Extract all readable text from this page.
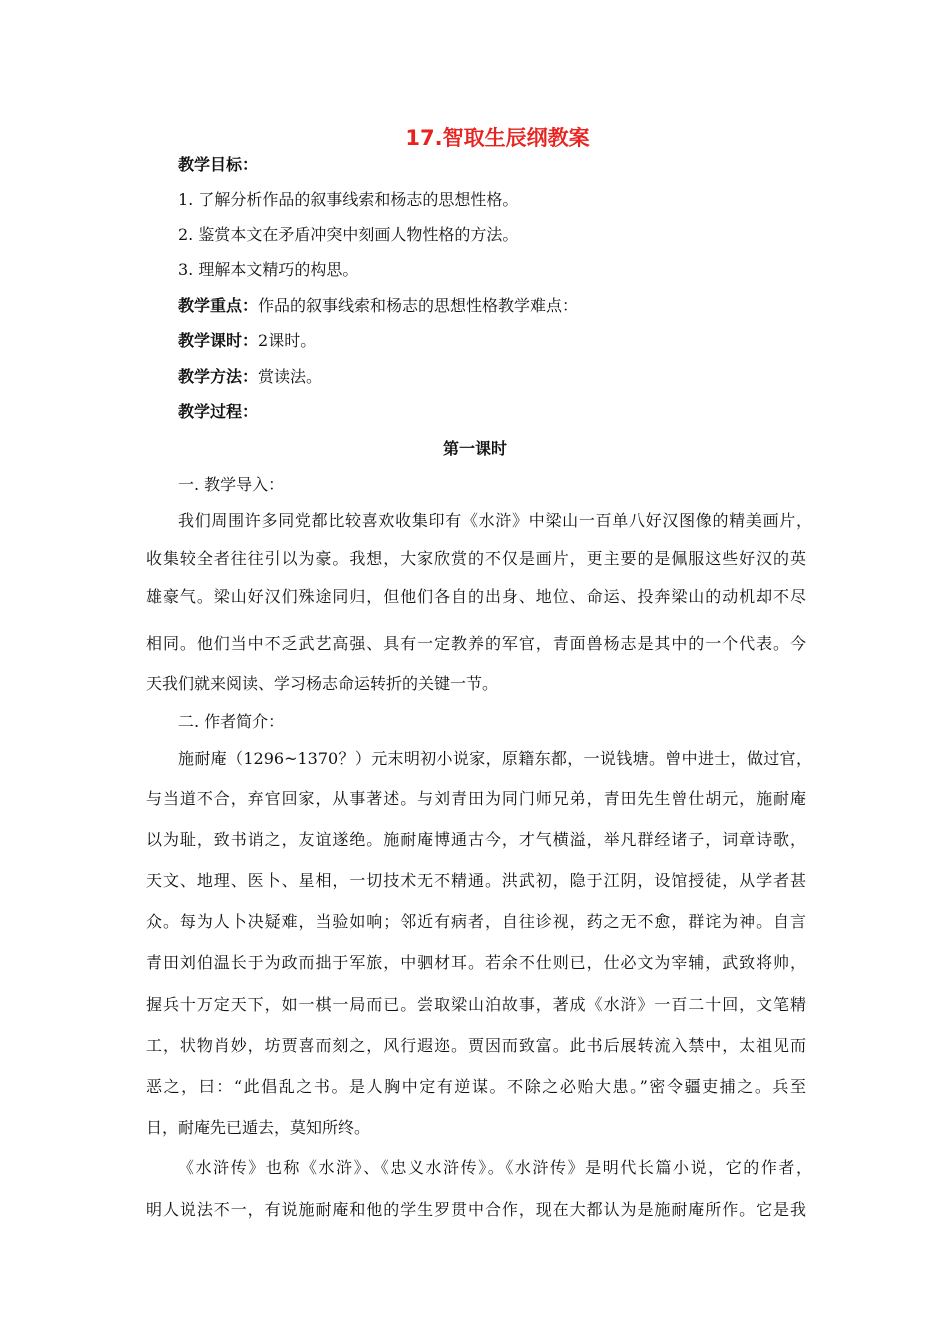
17.智取生辰纲教案
教学目标：
1. 了解分析作品的叙事线索和杨志的思想性格。
2. 鉴赏本文在矛盾冲突中刻画人物性格的方法。
3. 理解本文精巧的构思。
教学重点：作品的叙事线索和杨志的思想性格教学难点：
教学课时：2课时。
教学方法：赏读法。
教学过程：
第一课时
一. 教学导入：
我们周围许多同党都比较喜欢收集印有《水浒》中梁山一百单八好汉图像的精美画片，
收集较全者往往引以为豪。我想，大家欣赏的不仅是画片，更主要的是佩服这些好汉的英
雄豪气。梁山好汉们殊途同归，但他们各自的出身、地位、命运、投奔梁山的动机却不尽
相同。他们当中不乏武艺高强、具有一定教养的军官，青面兽杨志是其中的一个代表。今
天我们就来阅读、学习杨志命运转折的关键一节。
二. 作者简介：
施耐庵（1296~1370？）元末明初小说家，原籍东都，一说钱塘。曾中进士，做过官，
与当道不合，弃官回家，从事著述。与刘青田为同门师兄弟，青田先生曾仕胡元，施耐庵
以为耻，致书诮之，友谊遂绝。施耐庵博通古今，才气横溢，举凡群经诸子，词章诗歌，
天文、地理、医卜、星相，一切技术无不精通。洪武初，隐于江阴，设馆授徒，从学者甚
众。每为人卜决疑难，当验如响；邻近有病者，自往诊视，药之无不愈，群诧为神。自言
青田刘伯温长于为政而拙于军旅，中驷材耳。若余不仕则已，仕必文为宰辅，武致将帅，
握兵十万定天下，如一棋一局而已。尝取梁山泊故事，著成《水浒》一百二十回，文笔精
工，状物肖妙，坊贾喜而刻之，风行遐迩。贾因而致富。此书后展转流入禁中，太祖见而
恶之，曰：“此倡乱之书。是人胸中定有逆谋。不除之必贻大患。”密令疆吏捕之。兵至
日，耐庵先已遁去，莫知所终。
《水浒传》也称《水浒》、《忠义水浒传》。《水浒传》是明代长篇小说，它的作者，
明人说法不一，有说施耐庵和他的学生罗贯中合作，现在大都认为是施耐庵所作。它是我
